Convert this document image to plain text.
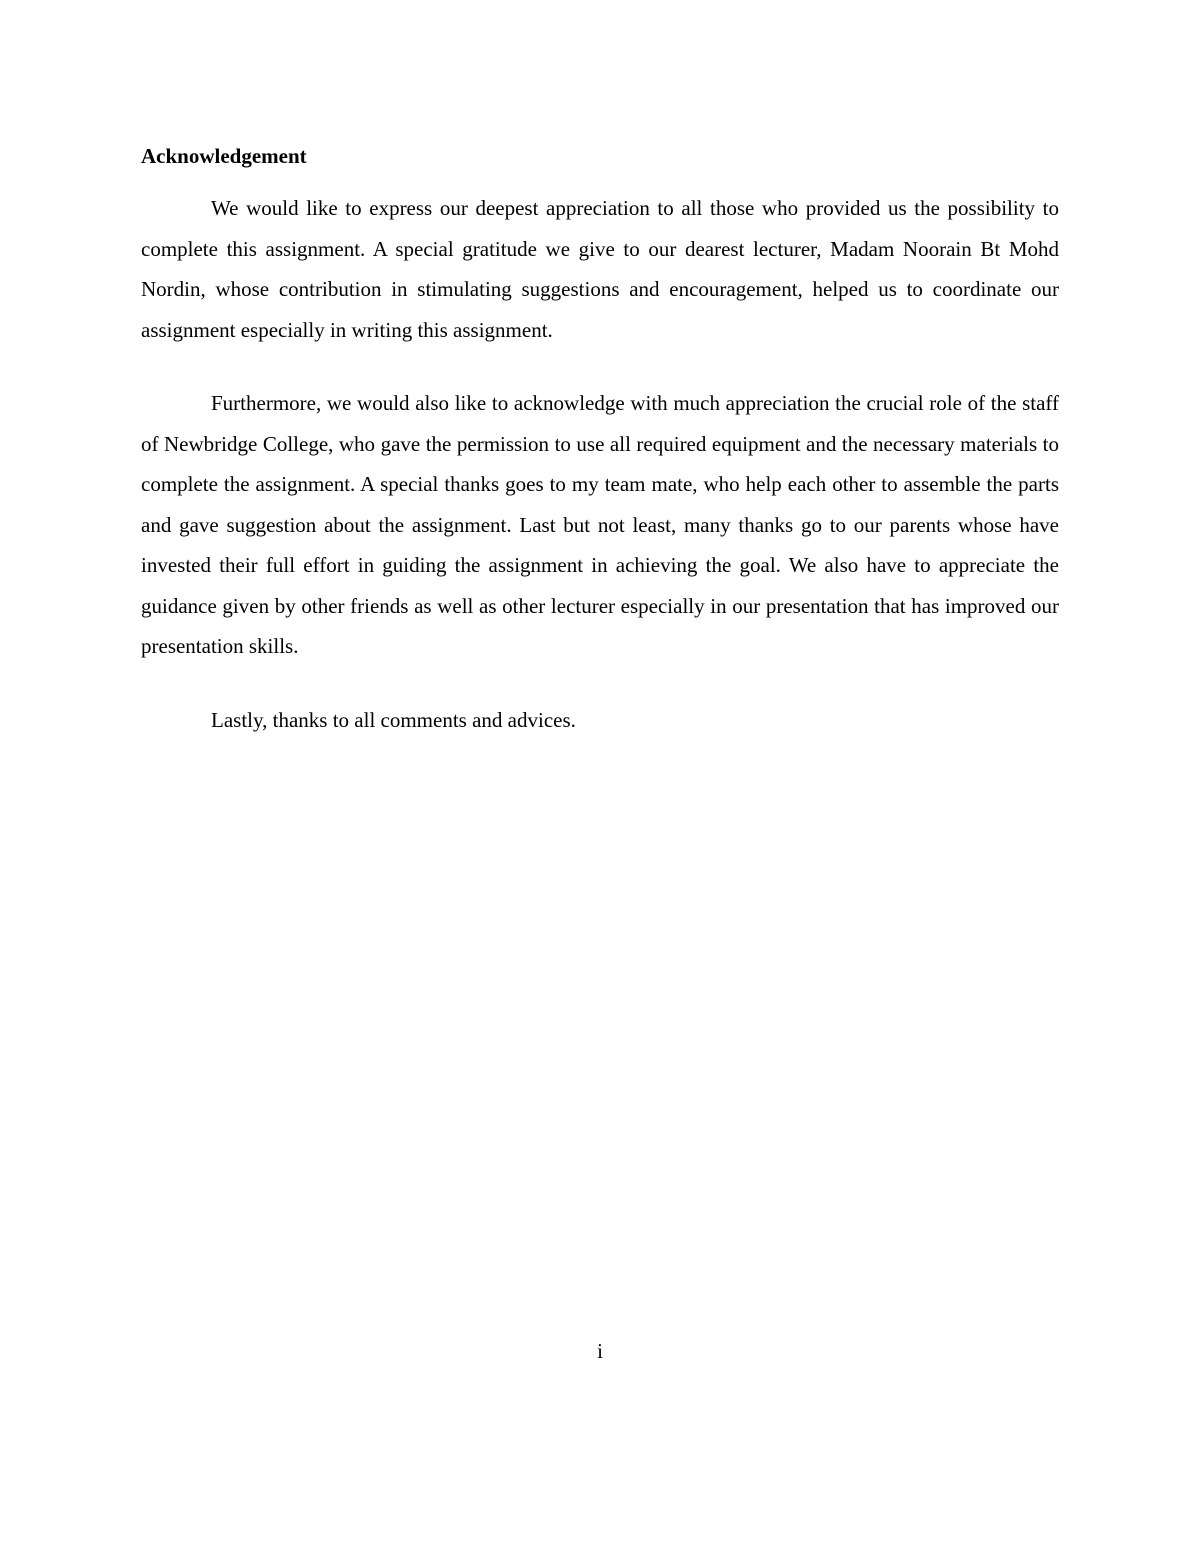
Acknowledgement

We would like to express our deepest appreciation to all those who provided us the possibility to complete this assignment. A special gratitude we give to our dearest lecturer, Madam Noorain Bt Mohd Nordin, whose contribution in stimulating suggestions and encouragement, helped us to coordinate our assignment especially in writing this assignment.

Furthermore, we would also like to acknowledge with much appreciation the crucial role of the staff of Newbridge College, who gave the permission to use all required equipment and the necessary materials to complete the assignment. A special thanks goes to my team mate, who help each other to assemble the parts and gave suggestion about the assignment. Last but not least, many thanks go to our parents whose have invested their full effort in guiding the assignment in achieving the goal. We also have to appreciate the guidance given by other friends as well as other lecturer especially in our presentation that has improved our presentation skills.

Lastly, thanks to all comments and advices.

i
